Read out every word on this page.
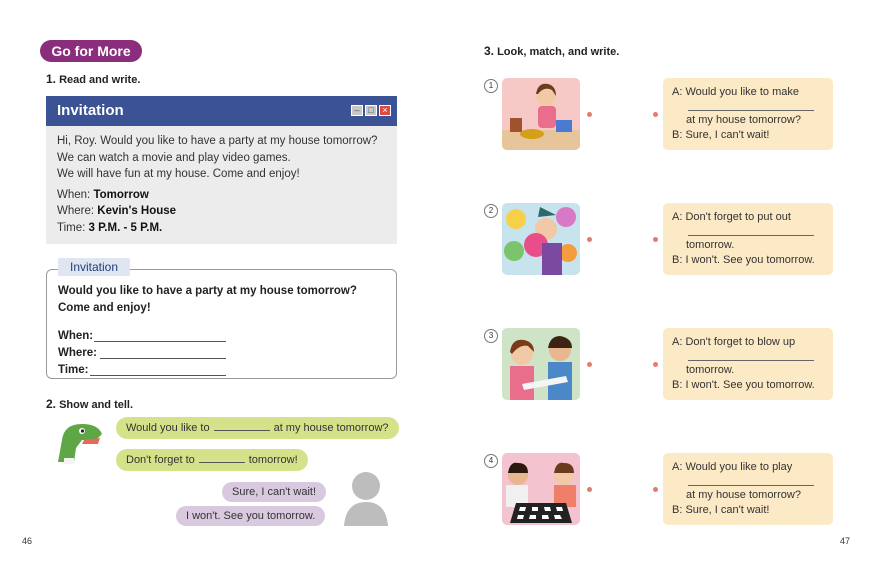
Go for More
1. Read and write.
Invitation	– □ ×
Hi, Roy. Would you like to have a party at my house tomorrow?
We can watch a movie and play video games.
We will have fun at my house. Come and enjoy!
When: Tomorrow
Where: Kevin's House
Time: 3 P.M. - 5 P.M.
Would you like to have a party at my house tomorrow?
Come and enjoy!
When:
Where:
Time:
Invitation
2. Show and tell.
Would you like to	at my house tomorrow?
Don't forget to	tomorrow!
Sure, I can't wait!
I won't. See you tomorrow.
46
3. Look, match, and write.
1
A: Would you like to make
at my house tomorrow?
B: Sure, I can't wait!
2
A: Don't forget to put out
tomorrow.
B: I won't. See you tomorrow.
3
A: Don't forget to blow up
tomorrow.
B: I won't. See you tomorrow.
4
A: Would you like to play
at my house tomorrow?
B: Sure, I can't wait!
47
